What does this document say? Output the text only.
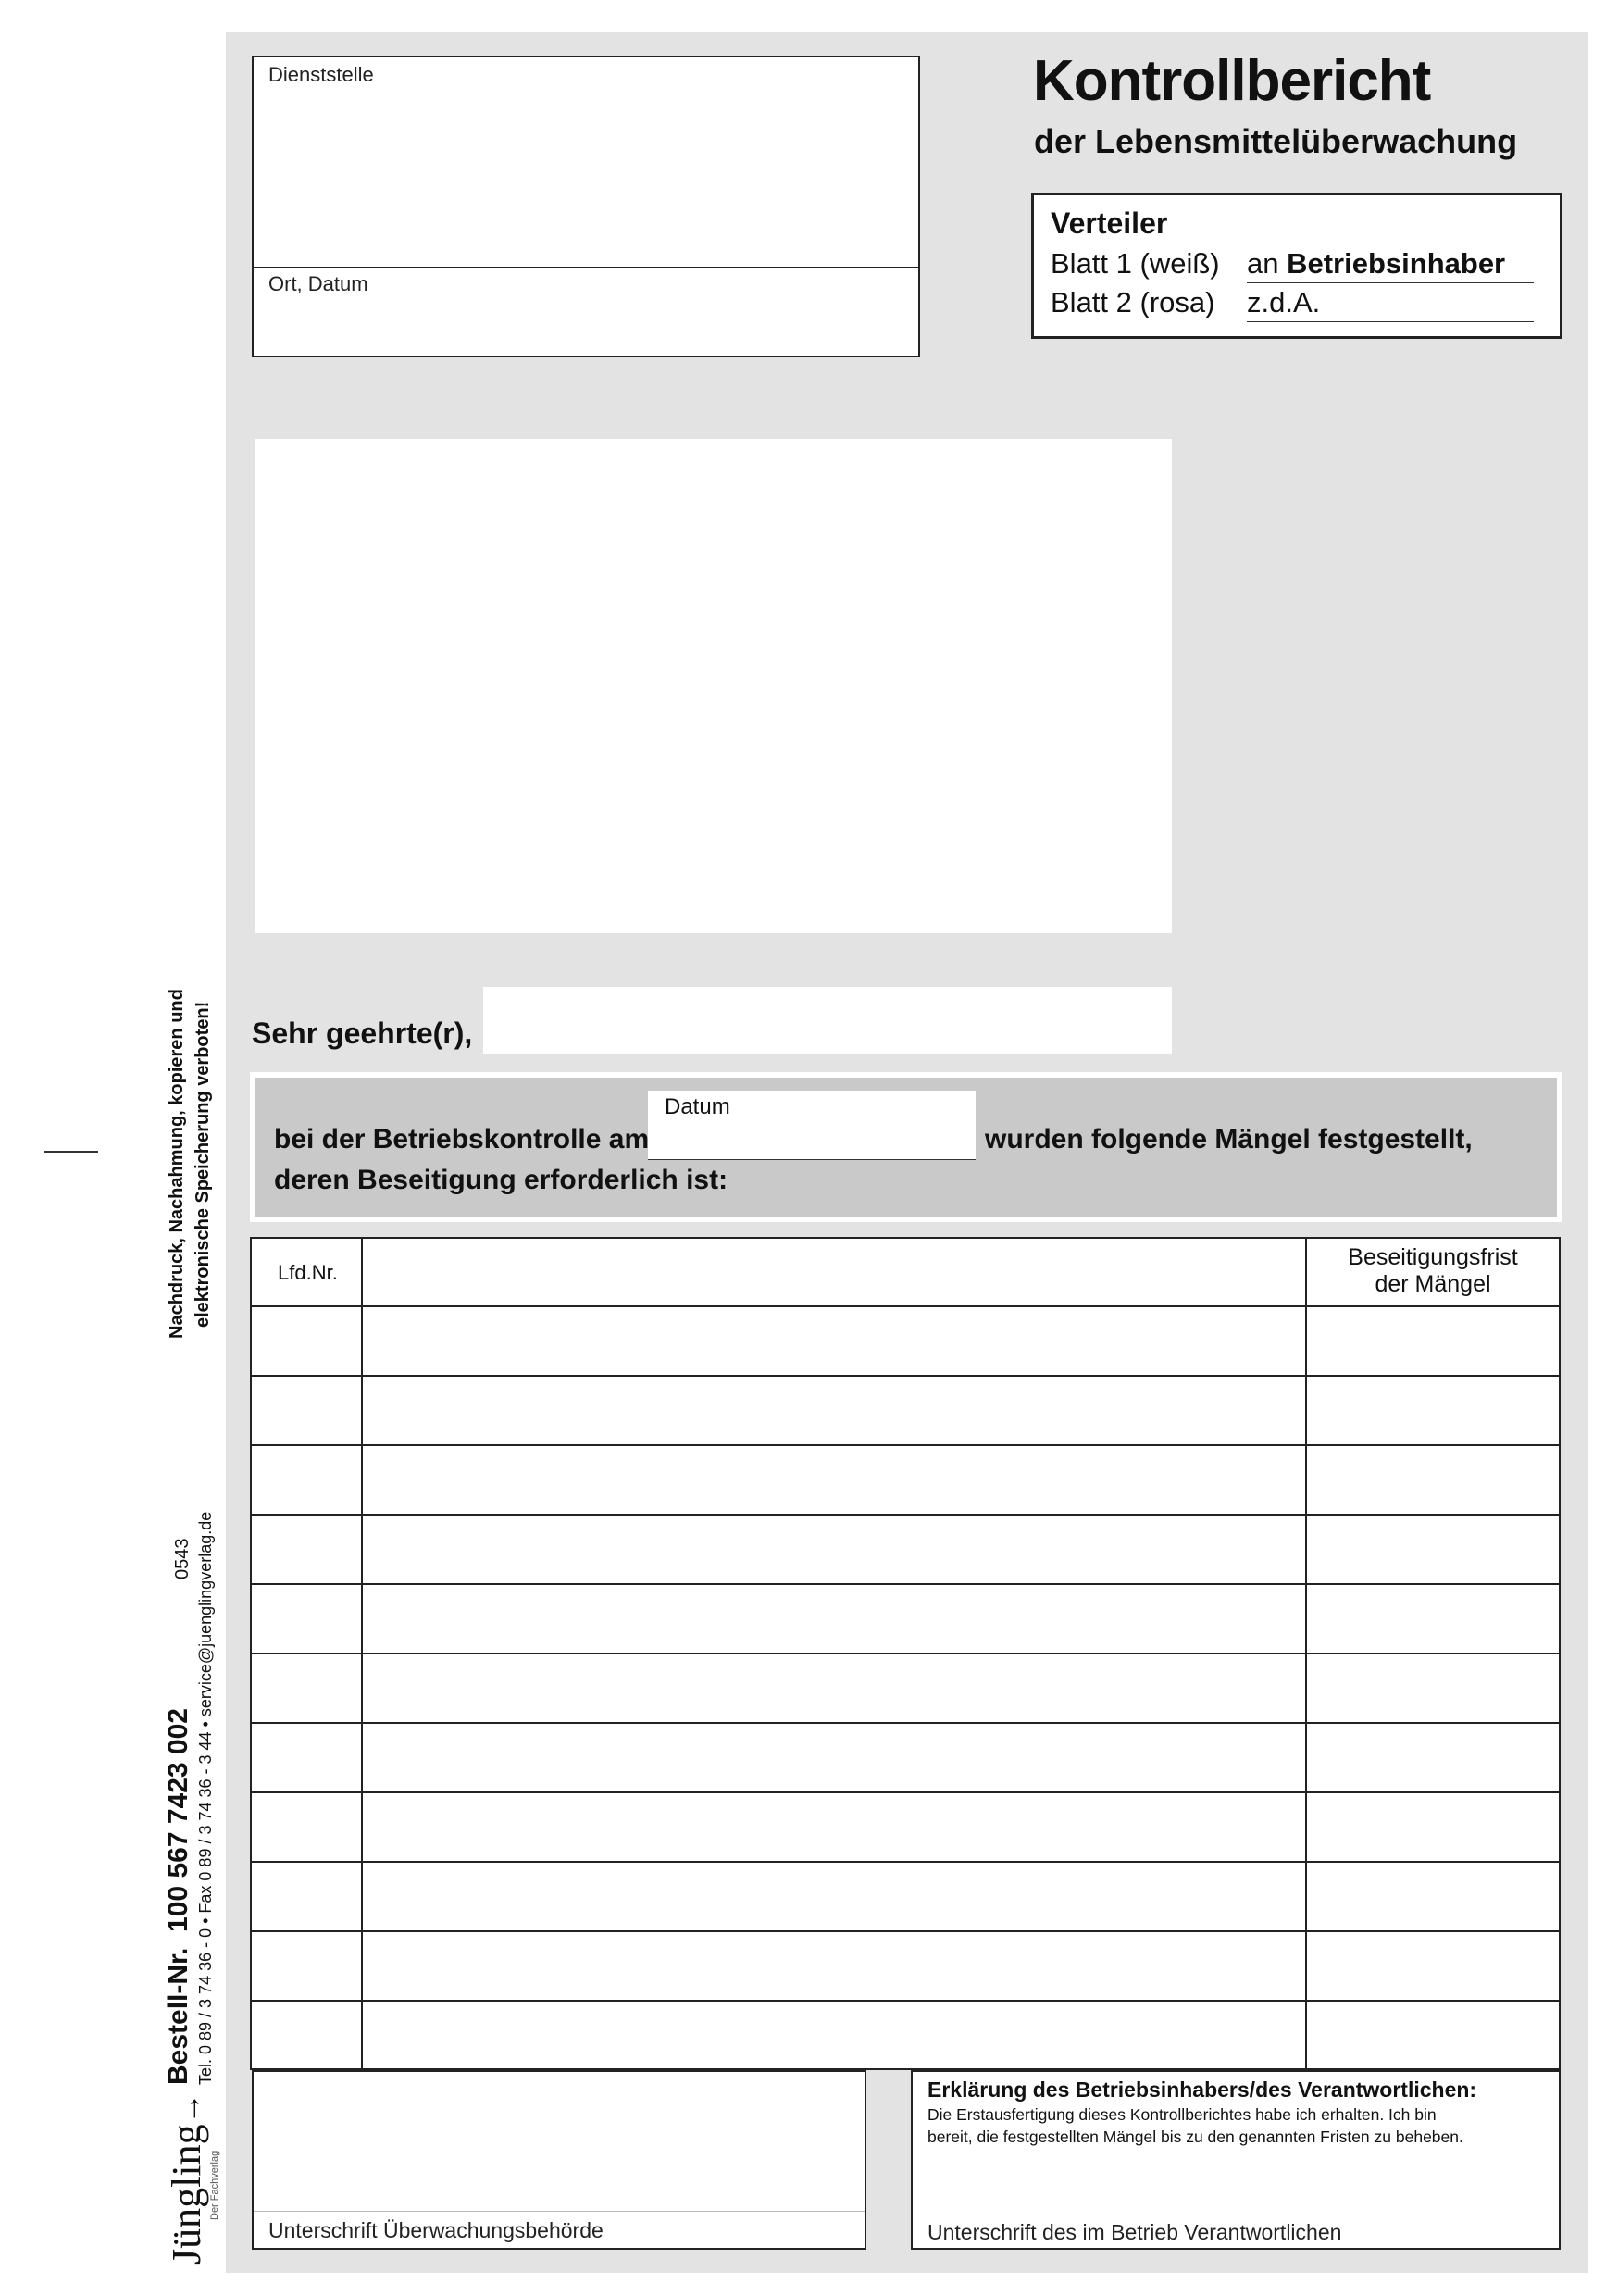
Dienststelle
Ort, Datum
Kontrollbericht
der Lebensmittelüberwachung
Verteiler
Blatt 1 (weiß) an Betriebsinhaber
Blatt 2 (rosa) z.d.A.
Sehr geehrte(r),
Datum
bei der Betriebskontrolle am	wurden folgende Mängel festgestellt,
deren Beseitigung erforderlich ist:
Lfd.Nr.
Beseitigungsfrist
der Mängel
Unterschrift Überwachungsbehörde
Erklärung des Betriebsinhabers/des Verantwortlichen:
Die Erstausfertigung dieses Kontrollberichtes habe ich erhalten. Ich bin
bereit, die festgestellten Mängel bis zu den genannten Fristen zu beheben.
Unterschrift des im Betrieb Verantwortlichen
Nachdruck, Nachahmung, kopieren und elektronische Speicherung verboten!
0543
Bestell-Nr.  100 567 7423 002 Tel. 0 89 / 3 74 36 - 0 • Fax 0 89 / 3 74 36 - 3 44 • service@juenglingverlag.de
Jüngling→
Der Fachverlag
